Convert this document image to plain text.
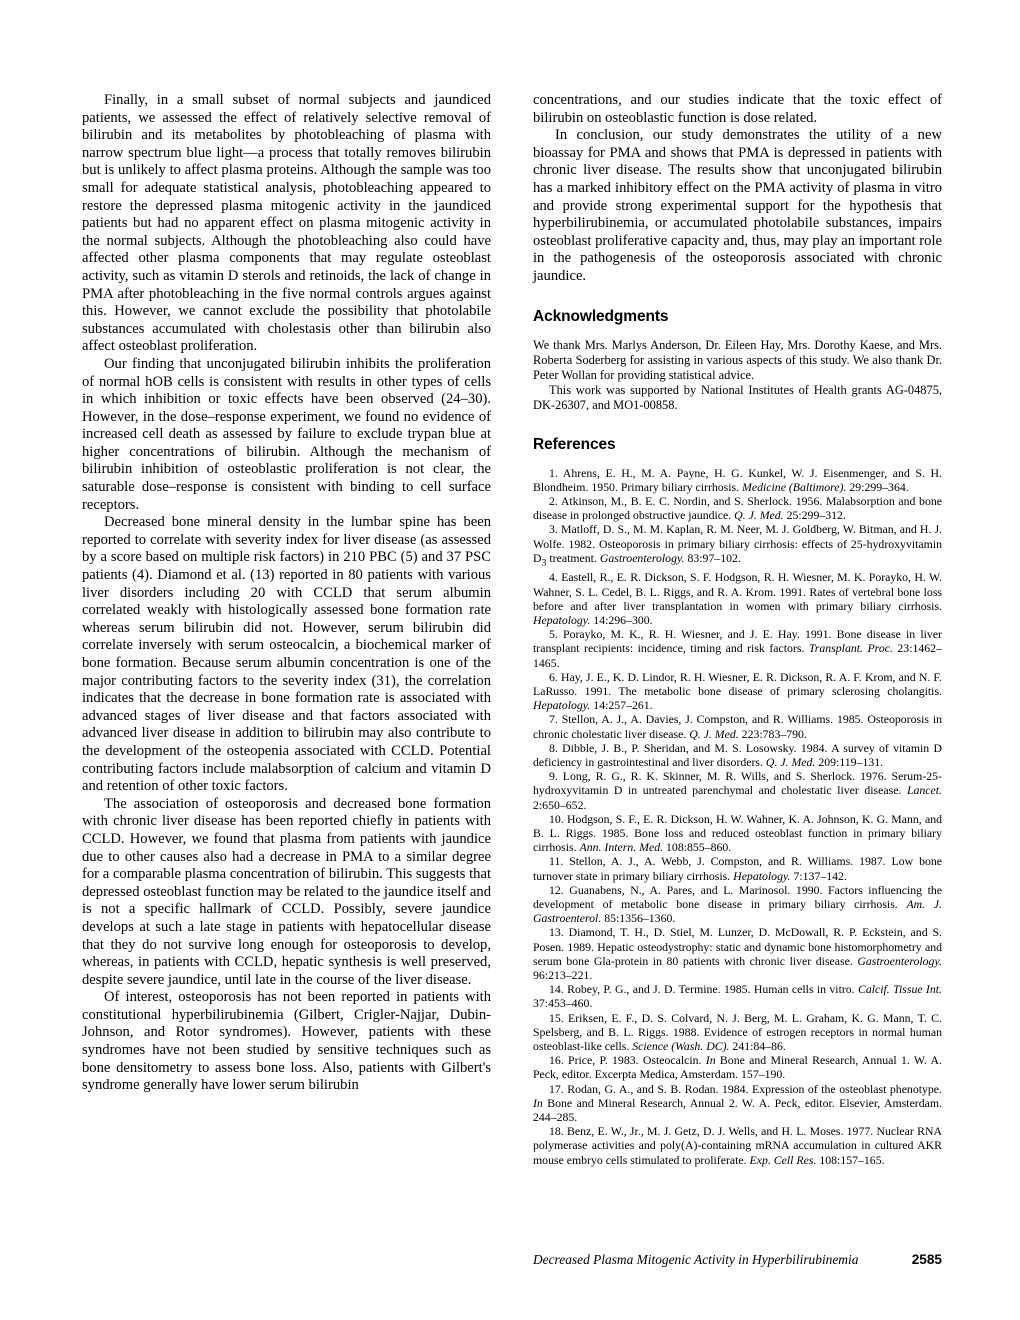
Finally, in a small subset of normal subjects and jaundiced patients, we assessed the effect of relatively selective removal of bilirubin and its metabolites by photobleaching of plasma with narrow spectrum blue light—a process that totally removes bilirubin but is unlikely to affect plasma proteins. Although the sample was too small for adequate statistical analysis, photobleaching appeared to restore the depressed plasma mitogenic activity in the jaundiced patients but had no apparent effect on plasma mitogenic activity in the normal subjects. Although the photobleaching also could have affected other plasma components that may regulate osteoblast activity, such as vitamin D sterols and retinoids, the lack of change in PMA after photobleaching in the five normal controls argues against this. However, we cannot exclude the possibility that photolabile substances accumulated with cholestasis other than bilirubin also affect osteoblast proliferation.

Our finding that unconjugated bilirubin inhibits the proliferation of normal hOB cells is consistent with results in other types of cells in which inhibition or toxic effects have been observed (24–30). However, in the dose–response experiment, we found no evidence of increased cell death as assessed by failure to exclude trypan blue at higher concentrations of bilirubin. Although the mechanism of bilirubin inhibition of osteoblastic proliferation is not clear, the saturable dose–response is consistent with binding to cell surface receptors.

Decreased bone mineral density in the lumbar spine has been reported to correlate with severity index for liver disease (as assessed by a score based on multiple risk factors) in 210 PBC (5) and 37 PSC patients (4). Diamond et al. (13) reported in 80 patients with various liver disorders including 20 with CCLD that serum albumin correlated weakly with histologically assessed bone formation rate whereas serum bilirubin did not. However, serum bilirubin did correlate inversely with serum osteocalcin, a biochemical marker of bone formation. Because serum albumin concentration is one of the major contributing factors to the severity index (31), the correlation indicates that the decrease in bone formation rate is associated with advanced stages of liver disease and that factors associated with advanced liver disease in addition to bilirubin may also contribute to the development of the osteopenia associated with CCLD. Potential contributing factors include malabsorption of calcium and vitamin D and retention of other toxic factors.

The association of osteoporosis and decreased bone formation with chronic liver disease has been reported chiefly in patients with CCLD. However, we found that plasma from patients with jaundice due to other causes also had a decrease in PMA to a similar degree for a comparable plasma concentration of bilirubin. This suggests that depressed osteoblast function may be related to the jaundice itself and is not a specific hallmark of CCLD. Possibly, severe jaundice develops at such a late stage in patients with hepatocellular disease that they do not survive long enough for osteoporosis to develop, whereas, in patients with CCLD, hepatic synthesis is well preserved, despite severe jaundice, until late in the course of the liver disease.

Of interest, osteoporosis has not been reported in patients with constitutional hyperbilirubinemia (Gilbert, Crigler-Najjar, Dubin-Johnson, and Rotor syndromes). However, patients with these syndromes have not been studied by sensitive techniques such as bone densitometry to assess bone loss. Also, patients with Gilbert's syndrome generally have lower serum bilirubin

concentrations, and our studies indicate that the toxic effect of bilirubin on osteoblastic function is dose related.

In conclusion, our study demonstrates the utility of a new bioassay for PMA and shows that PMA is depressed in patients with chronic liver disease. The results show that unconjugated bilirubin has a marked inhibitory effect on the PMA activity of plasma in vitro and provide strong experimental support for the hypothesis that hyperbilirubinemia, or accumulated photolabile substances, impairs osteoblast proliferative capacity and, thus, may play an important role in the pathogenesis of the osteoporosis associated with chronic jaundice.

Acknowledgments

We thank Mrs. Marlys Anderson, Dr. Eileen Hay, Mrs. Dorothy Kaese, and Mrs. Roberta Soderberg for assisting in various aspects of this study. We also thank Dr. Peter Wollan for providing statistical advice.

This work was supported by National Institutes of Health grants AG-04875, DK-26307, and MO1-00858.

References
1. Ahrens, E. H., M. A. Payne, H. G. Kunkel, W. J. Eisenmenger, and S. H. Blondheim. 1950. Primary biliary cirrhosis. Medicine (Baltimore). 29:299–364.
2. Atkinson, M., B. E. C. Nordin, and S. Sherlock. 1956. Malabsorption and bone disease in prolonged obstructive jaundice. Q. J. Med. 25:299–312.
3. Matloff, D. S., M. M. Kaplan, R. M. Neer, M. J. Goldberg, W. Bitman, and H. J. Wolfe. 1982. Osteoporosis in primary biliary cirrhosis: effects of 25-hydroxyvitamin $D_3$ treatment. Gastroenterology. 83:97–102.
4. Eastell, R., E. R. Dickson, S. F. Hodgson, R. H. Wiesner, M. K. Porayko, H. W. Wahner, S. L. Cedel, B. L. Riggs, and R. A. Krom. 1991. Rates of vertebral bone loss before and after liver transplantation in women with primary biliary cirrhosis. Hepatology. 14:296–300.
5. Porayko, M. K., R. H. Wiesner, and J. E. Hay. 1991. Bone disease in liver transplant recipients: incidence, timing and risk factors. Transplant. Proc. 23:1462–1465.
6. Hay, J. E., K. D. Lindor, R. H. Wiesner, E. R. Dickson, R. A. F. Krom, and N. F. LaRusso. 1991. The metabolic bone disease of primary sclerosing cholangitis. Hepatology. 14:257–261.
7. Stellon, A. J., A. Davies, J. Compston, and R. Williams. 1985. Osteoporosis in chronic cholestatic liver disease. Q. J. Med. 223:783–790.
8. Dibble, J. B., P. Sheridan, and M. S. Losowsky. 1984. A survey of vitamin D deficiency in gastrointestinal and liver disorders. Q. J. Med. 209:119–131.
9. Long, R. G., R. K. Skinner, M. R. Wills, and S. Sherlock. 1976. Serum-25-hydroxyvitamin D in untreated parenchymal and cholestatic liver disease. Lancet. 2:650–652.
10. Hodgson, S. F., E. R. Dickson, H. W. Wahner, K. A. Johnson, K. G. Mann, and B. L. Riggs. 1985. Bone loss and reduced osteoblast function in primary biliary cirrhosis. Ann. Intern. Med. 108:855–860.
11. Stellon, A. J., A. Webb, J. Compston, and R. Williams. 1987. Low bone turnover state in primary biliary cirrhosis. Hepatology. 7:137–142.
12. Guanabens, N., A. Pares, and L. Marinosol. 1990. Factors influencing the development of metabolic bone disease in primary biliary cirrhosis. Am. J. Gastroenterol. 85:1356–1360.
13. Diamond, T. H., D. Stiel, M. Lunzer, D. McDowall, R. P. Eckstein, and S. Posen. 1989. Hepatic osteodystrophy: static and dynamic bone histomorphometry and serum bone Gla-protein in 80 patients with chronic liver disease. Gastroenterology. 96:213–221.
14. Robey, P. G., and J. D. Termine. 1985. Human cells in vitro. Calcif. Tissue Int. 37:453–460.
15. Eriksen, E. F., D. S. Colvard, N. J. Berg, M. L. Graham, K. G. Mann, T. C. Spelsberg, and B. L. Riggs. 1988. Evidence of estrogen receptors in normal human osteoblast-like cells. Science (Wash. DC). 241:84–86.
16. Price, P. 1983. Osteocalcin. In Bone and Mineral Research, Annual 1. W. A. Peck, editor. Excerpta Medica, Amsterdam. 157–190.
17. Rodan, G. A., and S. B. Rodan. 1984. Expression of the osteoblast phenotype. In Bone and Mineral Research, Annual 2. W. A. Peck, editor. Elsevier, Amsterdam. 244–285.
18. Benz, E. W., Jr., M. J. Getz, D. J. Wells, and H. L. Moses. 1977. Nuclear RNA polymerase activities and poly(A)-containing mRNA accumulation in cultured AKR mouse embryo cells stimulated to proliferate. Exp. Cell Res. 108:157–165.
Decreased Plasma Mitogenic Activity in Hyperbilirubinemia	2585
